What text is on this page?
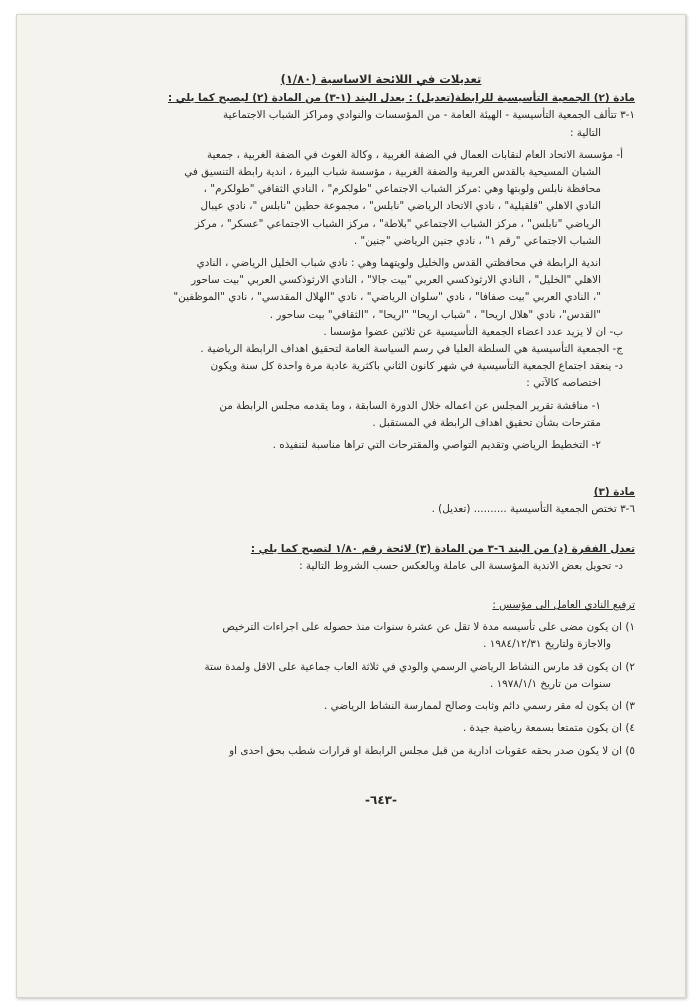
تعديلات في اللائحة الاساسية (١/٨٠)

مادة (٢) الجمعية التأسيسية للرابطة(تعديل) : يعدل البند (١-٣) من المادة (٢) ليصبح كما يلي :

١-٣ تتألف الجمعية التأسيسية - الهيئة العامة - من المؤسسات والنوادي ومراكز الشباب الاجتماعية

التالية :

أ- مؤسسة الاتحاد العام لنقابات العمال في الضفة الغربية ، وكالة الغوث في الضفة الغربية ، جمعية

الشبان المسيحية بالقدس العربية والضفة الغربية ، مؤسسة شباب البيرة ، اندية رابطة التنسيق في

محافظة نابلس ولوبتها وهي :مركز الشباب الاجتماعي "طولكرم" ، النادي الثقافي "طولكرم" ،

النادي الاهلي "قلقيلية" ، نادي الاتحاد الرياضي "نابلس" ، مجموعة حطين "نابلس "، نادي عيبال

الرياضي "نابلس" ، مركز الشباب الاجتماعي "بلاطة" ، مركز الشباب الاجتماعي "عسكر" ، مركز

الشباب الاجتماعي "رقم ١" ، نادي جنين الرياضي "جنين" .

اندية الرابطة في محافظتي القدس والخليل ولويتهما وهي : نادي شباب الخليل الرياضي ، النادي

الاهلي "الخليل" ، النادي الارثوذكسي العربي "بيت جالا" ، النادي الارثوذكسي العربي "بيت ساحور

"، النادي العربي "بيت صفافا" ، نادي "سلوان الرياضي" ، نادي "الهلال المقدسي" ، نادي "الموظفين"

"القدس"، نادي "هلال اريحا" ، "شباب اريحا" "اريحا" ، "الثقافي" بيت ساحور .

ب- ان لا يزيد عدد اعضاء الجمعية التأسيسية عن ثلاثين عضوا مؤسسا .

ج- الجمعية التأسيسية هي السلطة العليا في رسم السياسة العامة لتحقيق اهداف الرابطة الرياضية .

د- ينعقد اجتماع الجمعية التأسيسية في شهر كانون الثاني باكثرية عادية مرة واحدة كل سنة ويكون

اختصاصه كالآتي :

١- مناقشة تقرير المجلس عن اعماله خلال الدورة السابقة ، وما يقدمه مجلس الرابطة من

مقترحات بشأن تحقيق اهداف الرابطة في المستقبل .

٢- التخطيط الرياضي وتقديم التواصي والمقترحات التي تراها مناسبة لتنفيذه .

مادة (٣)

٦-٣ تختص الجمعية التأسيسية .......... (تعديل) .

تعدل الفقرة (د) من البند ٦-٣ من المادة (٣) لائحة رقم ١/٨٠ لتصبح كما يلي :

د- تحويل بعض الاندية المؤسسة الى عاملة وبالعكس حسب الشروط التالية :

ترفيع النادي العامل الى مؤسس :

١) ان يكون مضى على تأسيسه مدة لا تقل عن عشرة سنوات منذ حصوله على اجراءات الترخيص

والاجازة ولتاريخ ١٩٨٤/١٢/٣١ .

٢) ان يكون قد مارس النشاط الرياضي الرسمي والودي في ثلاثة العاب جماعية على الاقل ولمدة ستة

سنوات من تاريخ ١٩٧٨/١/١ .

٣) ان يكون له مقر رسمي دائم وثابت وصالح لممارسة النشاط الرياضي .

٤) ان يكون متمتعا بسمعة رياضية جيدة .

٥) ان لا يكون صدر بحقه عقوبات ادارية من قبل مجلس الرابطة او قرارات شطب بحق احدى او

-٦٤٣-
